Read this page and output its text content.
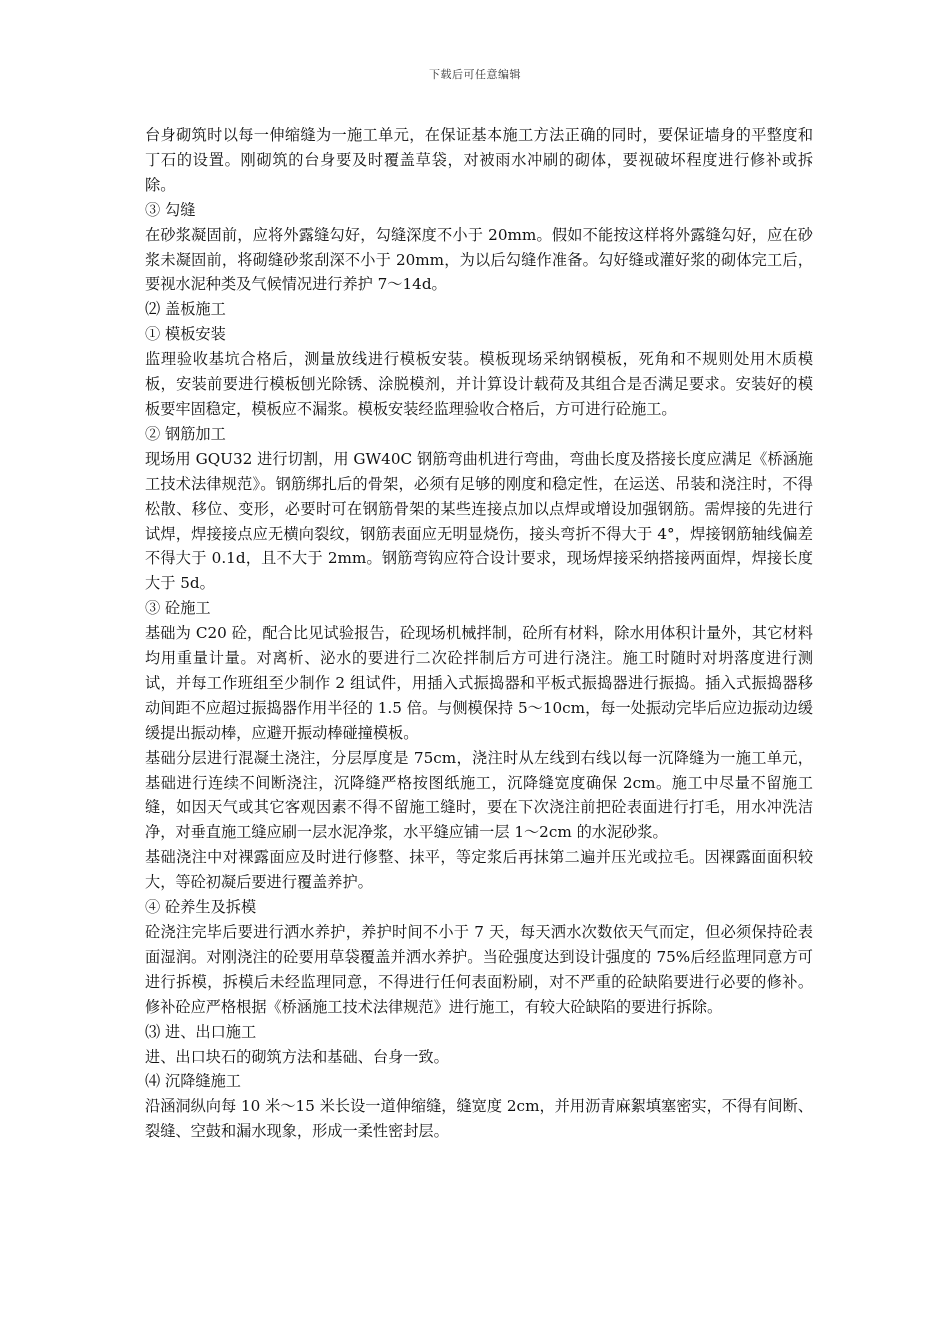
下载后可任意编辑

台身砌筑时以每一伸缩缝为一施工单元，在保证基本施工方法正确的同时，要保证墙身的平整度和丁石的设置。刚砌筑的台身要及时覆盖草袋，对被雨水冲刷的砌体，要视破坏程度进行修补或拆除。

③ 勾缝

在砂浆凝固前，应将外露缝勾好，勾缝深度不小于 20mm。假如不能按这样将外露缝勾好，应在砂浆未凝固前，将砌缝砂浆刮深不小于 20mm，为以后勾缝作准备。勾好缝或灌好浆的砌体完工后，要视水泥种类及气候情况进行养护 7～14d。

⑵ 盖板施工

① 模板安装

监理验收基坑合格后，测量放线进行模板安装。模板现场采纳钢模板，死角和不规则处用木质模板，安装前要进行模板刨光除锈、涂脱模剂，并计算设计载荷及其组合是否满足要求。安装好的模板要牢固稳定，模板应不漏浆。模板安装经监理验收合格后，方可进行砼施工。

② 钢筋加工

现场用 GQU32 进行切割，用 GW40C 钢筋弯曲机进行弯曲，弯曲长度及搭接长度应满足《桥涵施工技术法律规范》。钢筋绑扎后的骨架，必须有足够的刚度和稳定性，在运送、吊装和浇注时，不得松散、移位、变形，必要时可在钢筋骨架的某些连接点加以点焊或增设加强钢筋。需焊接的先进行试焊，焊接接点应无横向裂纹，钢筋表面应无明显烧伤，接头弯折不得大于 4°，焊接钢筋轴线偏差不得大于 0.1d，且不大于 2mm。钢筋弯钩应符合设计要求，现场焊接采纳搭接两面焊，焊接长度大于 5d。

③ 砼施工

基础为 C20 砼，配合比见试验报告，砼现场机械拌制，砼所有材料，除水用体积计量外，其它材料均用重量计量。对离析、泌水的要进行二次砼拌制后方可进行浇注。施工时随时对坍落度进行测试，并每工作班组至少制作 2 组试件，用插入式振捣器和平板式振捣器进行振捣。插入式振捣器移动间距不应超过振捣器作用半径的 1.5 倍。与侧模保持 5～10cm，每一处振动完毕后应边振动边缓缓提出振动棒，应避开振动棒碰撞模板。

基础分层进行混凝土浇注，分层厚度是 75cm，浇注时从左线到右线以每一沉降缝为一施工单元，基础进行连续不间断浇注，沉降缝严格按图纸施工，沉降缝宽度确保 2cm。施工中尽量不留施工缝，如因天气或其它客观因素不得不留施工缝时，要在下次浇注前把砼表面进行打毛，用水冲洗洁净，对垂直施工缝应刷一层水泥净浆，水平缝应铺一层 1～2cm 的水泥砂浆。

基础浇注中对裸露面应及时进行修整、抹平，等定浆后再抹第二遍并压光或拉毛。因裸露面面积较大，等砼初凝后要进行覆盖养护。

④ 砼养生及拆模

砼浇注完毕后要进行洒水养护，养护时间不小于 7 天，每天洒水次数依天气而定，但必须保持砼表面湿润。对刚浇注的砼要用草袋覆盖并洒水养护。当砼强度达到设计强度的 75%后经监理同意方可进行拆模，拆模后未经监理同意，不得进行任何表面粉刷，对不严重的砼缺陷要进行必要的修补。修补砼应严格根据《桥涵施工技术法律规范》进行施工，有较大砼缺陷的要进行拆除。

⑶ 进、出口施工

进、出口块石的砌筑方法和基础、台身一致。

⑷ 沉降缝施工

沿涵洞纵向每 10 米～15 米长设一道伸缩缝，缝宽度 2cm，并用沥青麻絮填塞密实，不得有间断、裂缝、空鼓和漏水现象，形成一柔性密封层。
